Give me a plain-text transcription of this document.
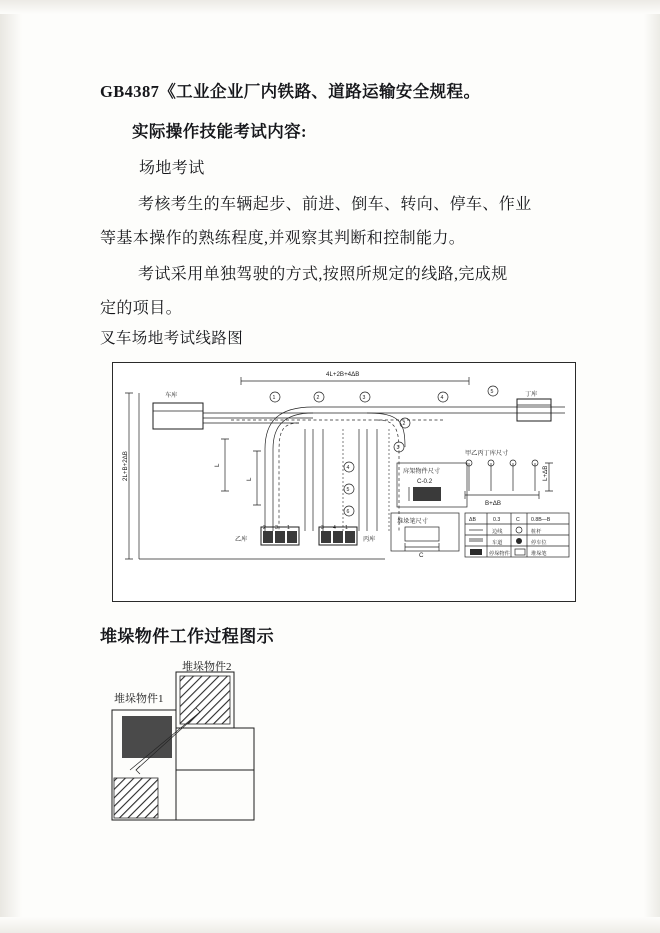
GB4387《工业企业厂内铁路、道路运输安全规程。
实际操作技能考试内容:
场地考试
考核考生的车辆起步、前进、倒车、转向、停车、作业
等基本操作的熟练程度,并观察其判断和控制能力。
考试采用单独驾驶的方式,按照所规定的线路,完成规
定的项目。
叉车场地考试线路图
4L+2B+4ΔB
2L+B+2ΔB
车库	丁库
L
L
1	2	3	4
5
2
3
4
5
6
乙库
2 3 1	3 4 1
丙库
戽架物件尺寸
C-0.2
甲乙丙丁库尺寸
B+ΔB
L+ΔB
堆垛笔尺寸
C
ΔB	0.3	C 0.8B—B
边线	桩杆
车道	停车位
停垛物件	堆垛笔
堆垛物件工作过程图示
堆垛物件2
堆垛物件1
